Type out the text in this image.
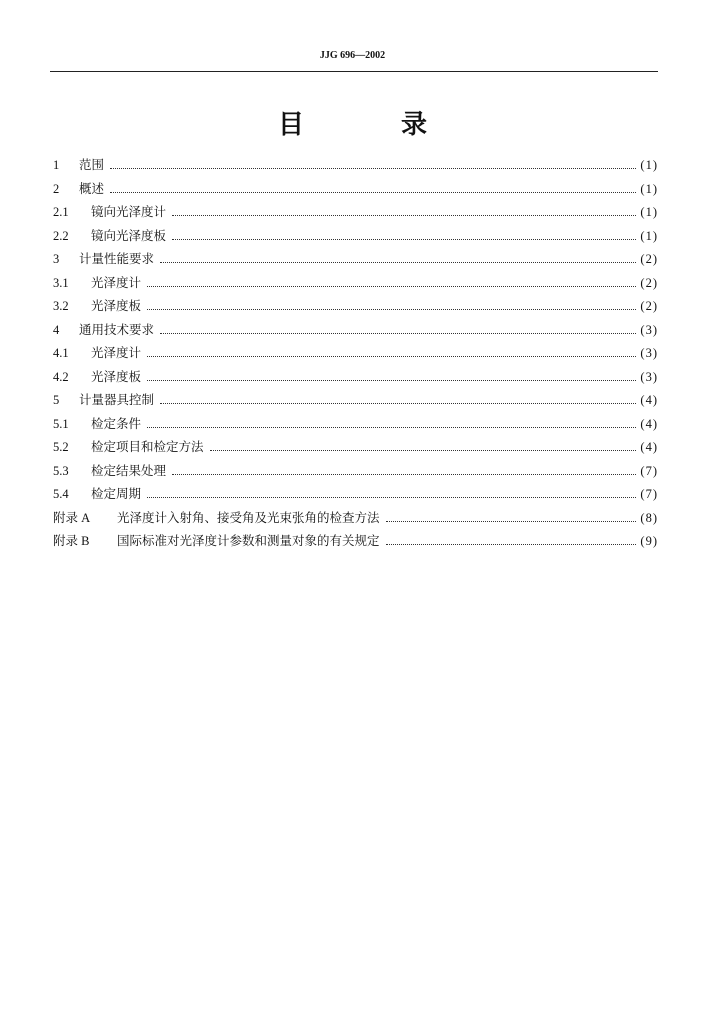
JJG 696—2002
目 录
1	范围	(1)
2	概述	(1)
2.1	镜向光泽度计	(1)
2.2	镜向光泽度板	(1)
3	计量性能要求	(2)
3.1	光泽度计	(2)
3.2	光泽度板	(2)
4	通用技术要求	(3)
4.1	光泽度计	(3)
4.2	光泽度板	(3)
5	计量器具控制	(4)
5.1	检定条件	(4)
5.2	检定项目和检定方法	(4)
5.3	检定结果处理	(7)
5.4	检定周期	(7)
附录 A	光泽度计入射角、接受角及光束张角的检查方法	(8)
附录 B	国际标准对光泽度计参数和测量对象的有关规定	(9)
